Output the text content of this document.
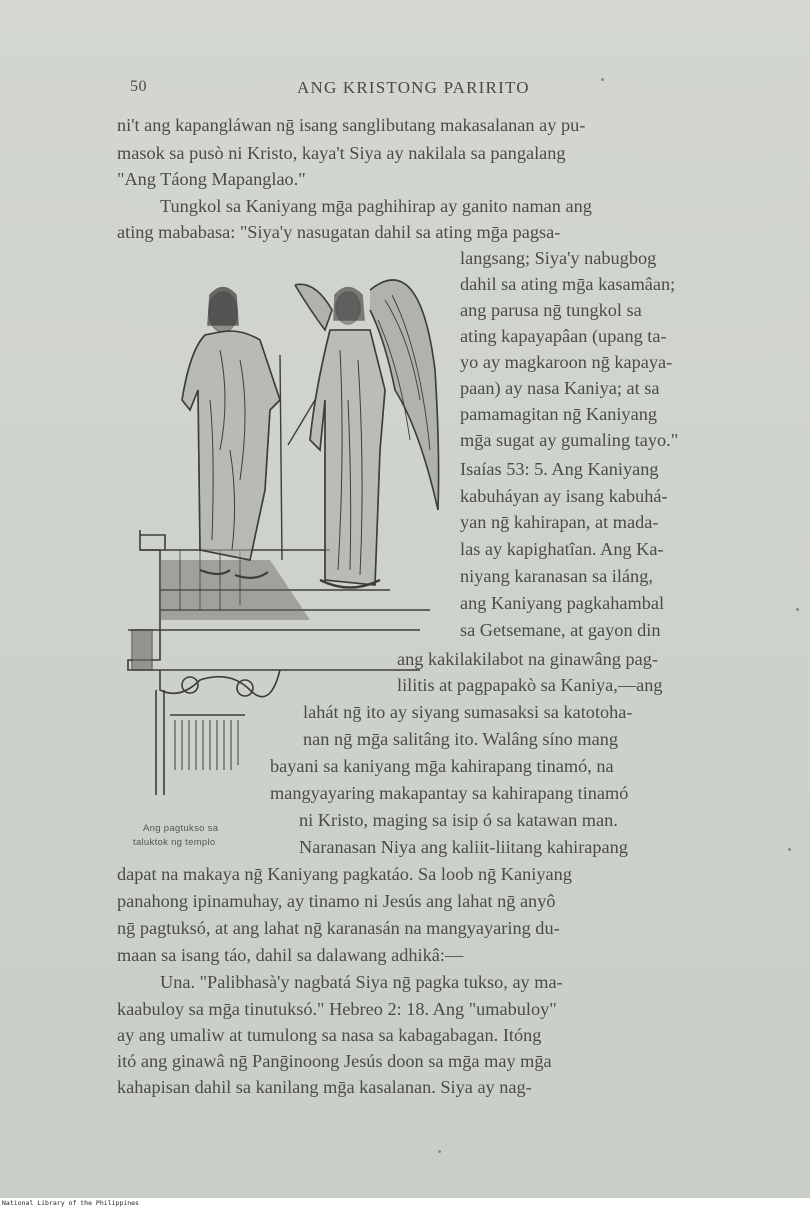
50	ANG KRISTONG PARIRITO
ni't ang kapangláwan nḡ isang sanglibutang makasalanan ay pu-
masok sa pusò ni Kristo, kaya't Siya ay nakilala sa pangalang
"Ang Táong Mapanglao."
Tungkol sa Kaniyang mḡa paghihirap ay ganito naman ang
ating mababasa: "Siya'y nasugatan dahil sa ating mḡa pagsa-
langsang; Siya'y nabugbog
dahil sa ating mḡa kasamâan;
ang parusa nḡ tungkol sa
ating kapayapâan (upang ta-
yo ay magkaroon nḡ kapaya-
paan) ay nasa Kaniya; at sa
pamamagitan nḡ Kaniyang
mḡa sugat ay gumaling tayo."
Isaías 53: 5. Ang Kaniyang
kabuháyan ay isang kabuhá-
yan nḡ kahirapan, at mada-
las ay kapighatîan. Ang Ka-
niyang karanasan sa iláng,
ang Kaniyang pagkahambal
sa Getsemane, at gayon din
ang kakilakilabot na ginawâng pag-
lilitis at pagpapakò sa Kaniya,—ang
lahát nḡ ito ay siyang sumasaksi sa katotoha-
nan nḡ mḡa salitâng ito. Walâng síno mang
bayani sa kaniyang mḡa kahirapang tinamó, na
mangyayaring makapantay sa kahirapang tinamó
ni Kristo, maging sa isip ó sa katawan man.
Naranasan Niya ang kaliit-liitang kahirapang
dapat na makaya nḡ Kaniyang pagkatáo. Sa loob nḡ Kaniyang
panahong ipinamuhay, ay tinamo ni Jesús ang lahat nḡ anyô
nḡ pagtuksó, at ang lahat nḡ karanasán na mangyayaring du-
maan sa isang táo, dahil sa dalawang adhikâ:—
Una. "Palibhasà'y nagbatá Siya nḡ pagka tukso, ay ma-
kaabuloy sa mḡa tinutuksó." Hebreo 2: 18. Ang "umabuloy"
ay ang umaliw at tumulong sa nasa sa kabagabagan. Itóng
itó ang ginawâ nḡ Panḡinoong Jesús doon sa mḡa may mḡa
kahapisan dahil sa kanilang mḡa kasalanan. Siya ay nag-
Ang pagtukso sa
taluktok ng templo
National Library of the Philippines
